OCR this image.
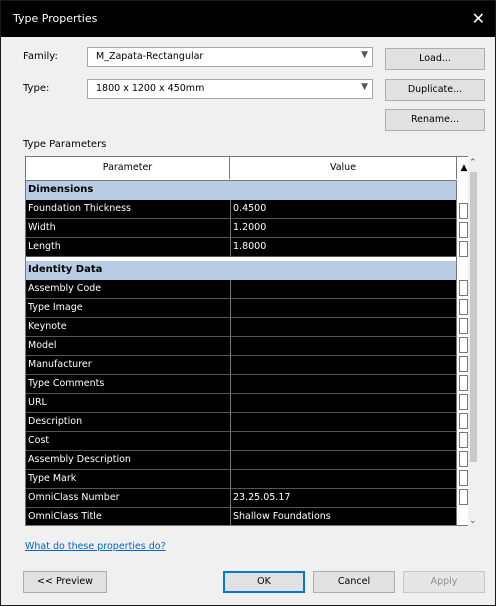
Type Properties	✕
Family:	M_Zapata-Rectangular	▼	Load...
Type:	1800 x 1200 x 450mm	▼	Duplicate...
Rename...
Type Parameters
Parameter	Value	▲
Dimensions
Foundation Thickness	0.4500
Width	1.2000
Length	1.8000
Identity Data
Assembly Code
Type Image
Keynote
Model
Manufacturer
Type Comments
URL
Description
Cost
Assembly Description
Type Mark
OmniClass Number	23.25.05.17
OmniClass Title	Shallow Foundations
⌃
⌄
What do these properties do?
<< Preview	OK	Cancel	Apply
